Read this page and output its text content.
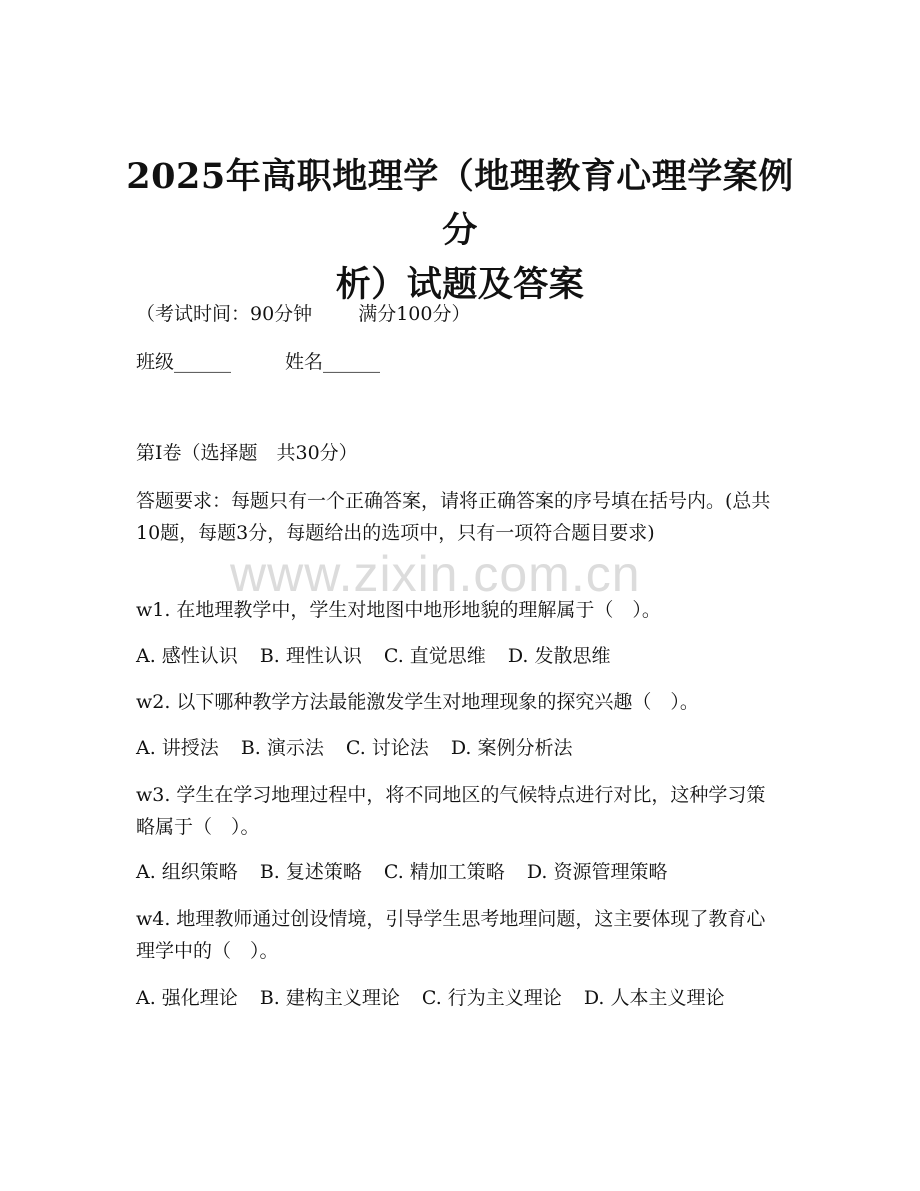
2025年高职地理学（地理教育心理学案例分
析）试题及答案
（考试时间：90分钟 满分100分）
班级______	姓名______
第Ⅰ卷（选择题　共30分）
答题要求：每题只有一个正确答案，请将正确答案的序号填在括号内。(总共10题，每题3分，每题给出的选项中，只有一项符合题目要求)
w1. 在地理教学中，学生对地图中地形地貌的理解属于（　）。
A. 感性认识 B. 理性认识 C. 直觉思维 D. 发散思维
w2. 以下哪种教学方法最能激发学生对地理现象的探究兴趣（　）。
A. 讲授法 B. 演示法 C. 讨论法 D. 案例分析法
w3. 学生在学习地理过程中，将不同地区的气候特点进行对比，这种学习策略属于（　）。
A. 组织策略 B. 复述策略 C. 精加工策略 D. 资源管理策略
w4. 地理教师通过创设情境，引导学生思考地理问题，这主要体现了教育心理学中的（　）。
A. 强化理论 B. 建构主义理论 C. 行为主义理论 D. 人本主义理论
www.zixin.com.cn
